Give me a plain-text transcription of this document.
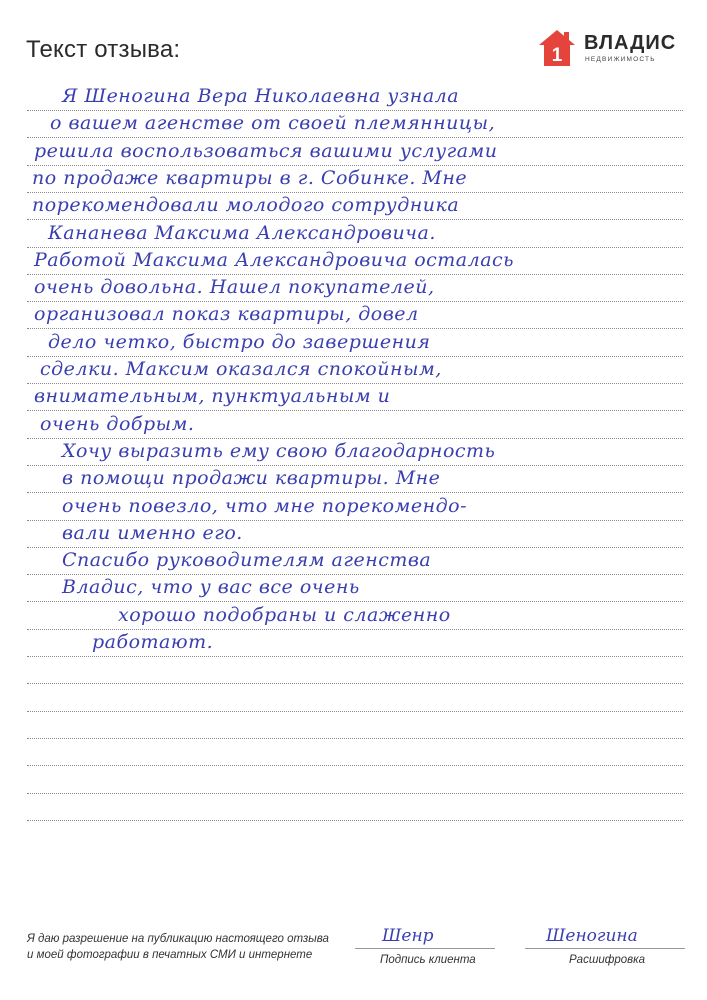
Текст отзыва:	1
ВЛАДИС
НЕДВИЖИМОСТЬ
Я Шеногина Вера Николаевна узнала
о вашем агенстве от своей племянницы,
решила воспользоваться вашими услугами
по продаже квартиры в г. Собинке. Мне
порекомендовали молодого сотрудника
Кананева Максима Александровича.
Работой Максима Александровича осталась
очень довольна. Нашел покупателей,
организовал показ квартиры, довел
дело четко, быстро до завершения
сделки. Максим оказался спокойным,
внимательным, пунктуальным и
очень добрым.
Хочу выразить ему свою благодарность
в помощи продажи квартиры. Мне
очень повезло, что мне порекомендо-
вали именно его.
Спасибо руководителям агенства
Владис, что у вас все очень
хорошо подобраны и слаженно
работают.
Я даю разрешение на публикацию настоящего отзыва
и моей фотографии в печатных СМИ и интернете
Шенр	Шеногина
Подпись клиента	Расшифровка
